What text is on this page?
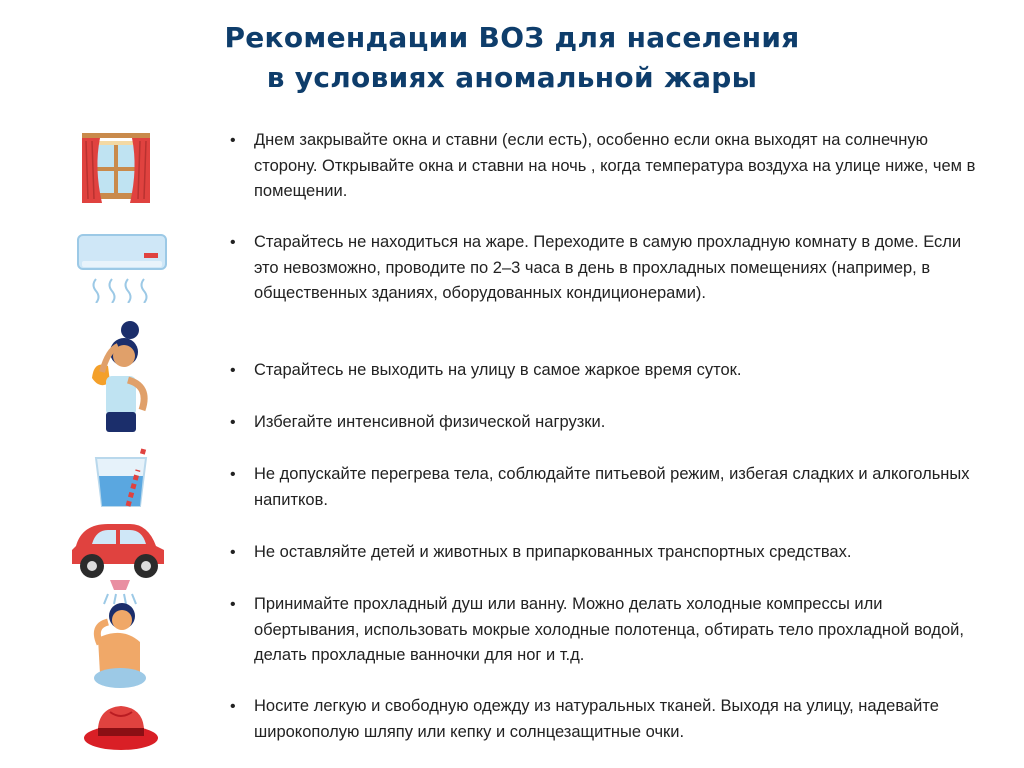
Рекомендации ВОЗ для населения
в условиях аномальной жары
•	Днем закрывайте окна и ставни (если есть), особенно если окна выходят на солнечную сторону. Открывайте окна и ставни на ночь , когда температура воздуха на улице ниже, чем в помещении.
•	Старайтесь не находиться на жаре. Переходите в самую прохладную комнату в доме. Если это невозможно, проводите по 2–3 часа в день в прохладных помещениях (например, в общественных зданиях, оборудованных кондиционерами).
•	Старайтесь не выходить на улицу в самое жаркое время суток.
•	Избегайте интенсивной физической нагрузки.
•	Не допускайте перегрева тела, соблюдайте питьевой режим, избегая сладких и алкогольных напитков.
•	Не оставляйте детей и животных в припаркованных транспортных средствах.
•	Принимайте прохладный душ или ванну. Можно делать холодные компрессы или обертывания, использовать мокрые холодные полотенца, обтирать тело прохладной водой, делать прохладные ванночки для ног и т.д.
•	Носите легкую и свободную одежду из натуральных тканей. Выходя на улицу, надевайте широкополую шляпу или кепку и солнцезащитные очки.
